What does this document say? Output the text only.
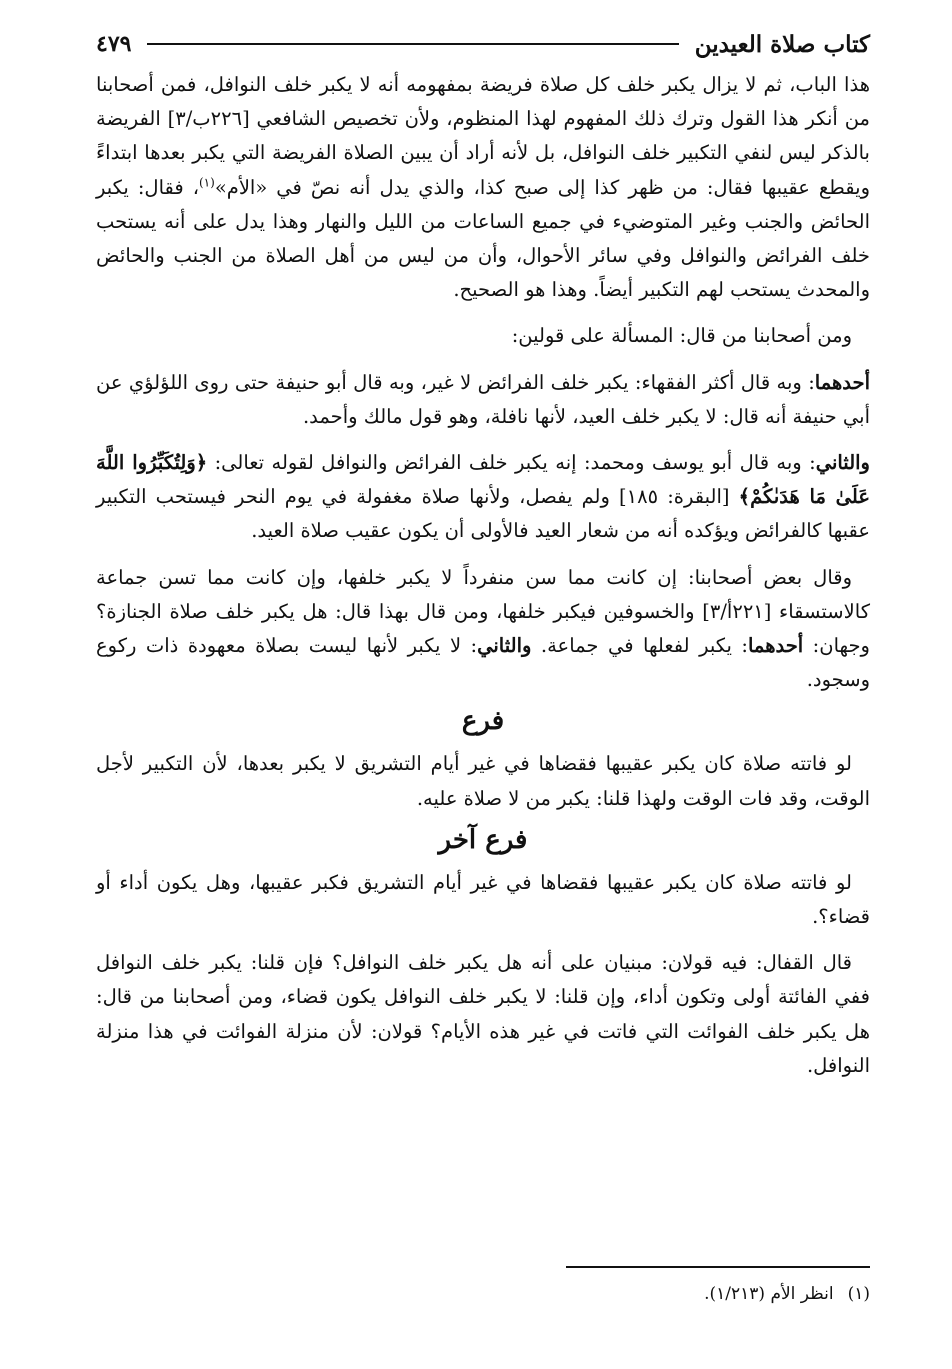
كتاب صلاة العيدين
٤٧٩

هذا الباب، ثم لا يزال يكبر خلف كل صلاة فريضة بمفهومه أنه لا يكبر خلف النوافل، فمن أصحابنا من أنكر هذا القول وترك ذلك المفهوم لهذا المنظوم، ولأن تخصيص الشافعي [٢٢٦ب/٣] الفريضة بالذكر ليس لنفي التكبير خلف النوافل، بل لأنه أراد أن يبين الصلاة الفريضة التي يكبر بعدها ابتداءً ويقطع عقيبها فقال: من ظهر كذا إلى صبح كذا، والذي يدل أنه نصّ في «الأم»$^{(١)}$، فقال: يكبر الحائض والجنب وغير المتوضيء في جميع الساعات من الليل والنهار وهذا يدل على أنه يستحب خلف الفرائض والنوافل وفي سائر الأحوال، وأن من ليس من أهل الصلاة من الجنب والحائض والمحدث يستحب لهم التكبير أيضاً. وهذا هو الصحيح.

ومن أصحابنا من قال: المسألة على قولين:

أحدهما: وبه قال أكثر الفقهاء: يكبر خلف الفرائض لا غير، وبه قال أبو حنيفة حتى روى اللؤلؤي عن أبي حنيفة أنه قال: لا يكبر خلف العيد، لأنها نافلة، وهو قول مالك وأحمد.

والثاني: وبه قال أبو يوسف ومحمد: إنه يكبر خلف الفرائض والنوافل لقوله تعالى: ﴿وَلِتُكَبِّرُوا اللَّهَ عَلَىٰ مَا هَدَىٰكُمْ﴾ [البقرة: ١٨٥] ولم يفصل، ولأنها صلاة مغفولة في يوم النحر فيستحب التكبير عقبها كالفرائض ويؤكده أنه من شعار العيد فالأولى أن يكون عقيب صلاة العيد.

وقال بعض أصحابنا: إن كانت مما سن منفرداً لا يكبر خلفها، وإن كانت مما تسن جماعة كالاستسقاء [٢٢١أ/٣] والخسوفين فيكبر خلفها، ومن قال بهذا قال: هل يكبر خلف صلاة الجنازة؟ وجهان: أحدهما: يكبر لفعلها في جماعة. والثاني: لا يكبر لأنها ليست بصلاة معهودة ذات ركوع وسجود.

فرع

لو فاتته صلاة كان يكبر عقيبها فقضاها في غير أيام التشريق لا يكبر بعدها، لأن التكبير لأجل الوقت، وقد فات الوقت ولهذا قلنا: يكبر من لا صلاة عليه.

فرع آخر

لو فاتته صلاة كان يكبر عقيبها فقضاها في غير أيام التشريق فكبر عقيبها، وهل يكون أداء أو قضاء؟.

قال القفال: فيه قولان: مبنيان على أنه هل يكبر خلف النوافل؟ فإن قلنا: يكبر خلف النوافل ففي الفائتة أولى وتكون أداء، وإن قلنا: لا يكبر خلف النوافل يكون قضاء، ومن أصحابنا من قال: هل يكبر خلف الفوائت التي فاتت في غير هذه الأيام؟ قولان: لأن منزلة الفوائت في هذا منزلة النوافل.

(١)انظر الأم (١/٢١٣).
